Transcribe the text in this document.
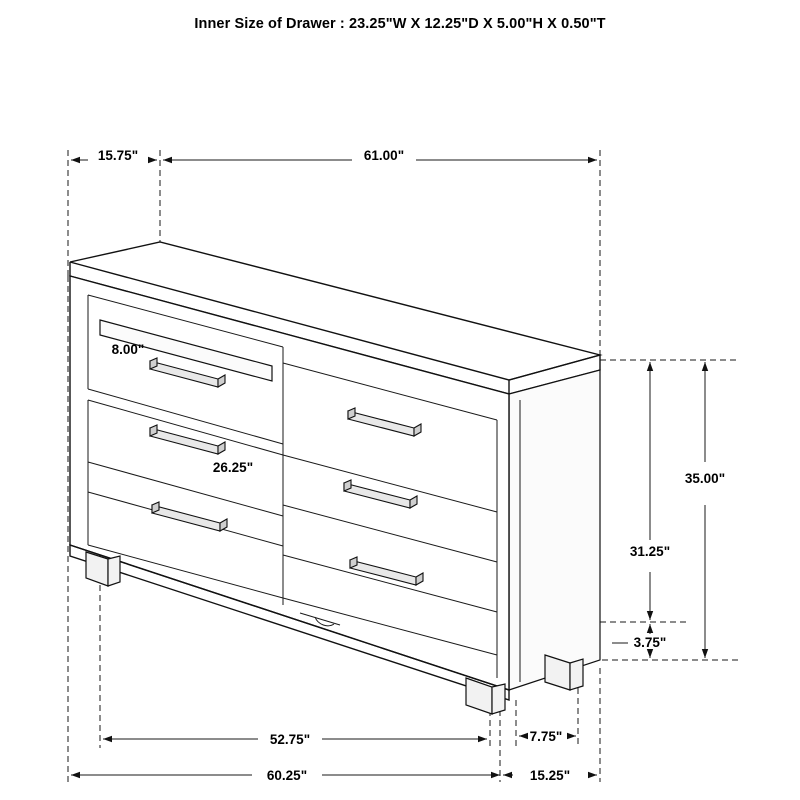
Inner Size of Drawer : 23.25"W X 12.25"D X 5.00"H X 0.50"T
15.75"	61.00"
8.00"
26.25"
35.00"
31.25"
3.75"
52.75"	7.75"
60.25"	15.25"
